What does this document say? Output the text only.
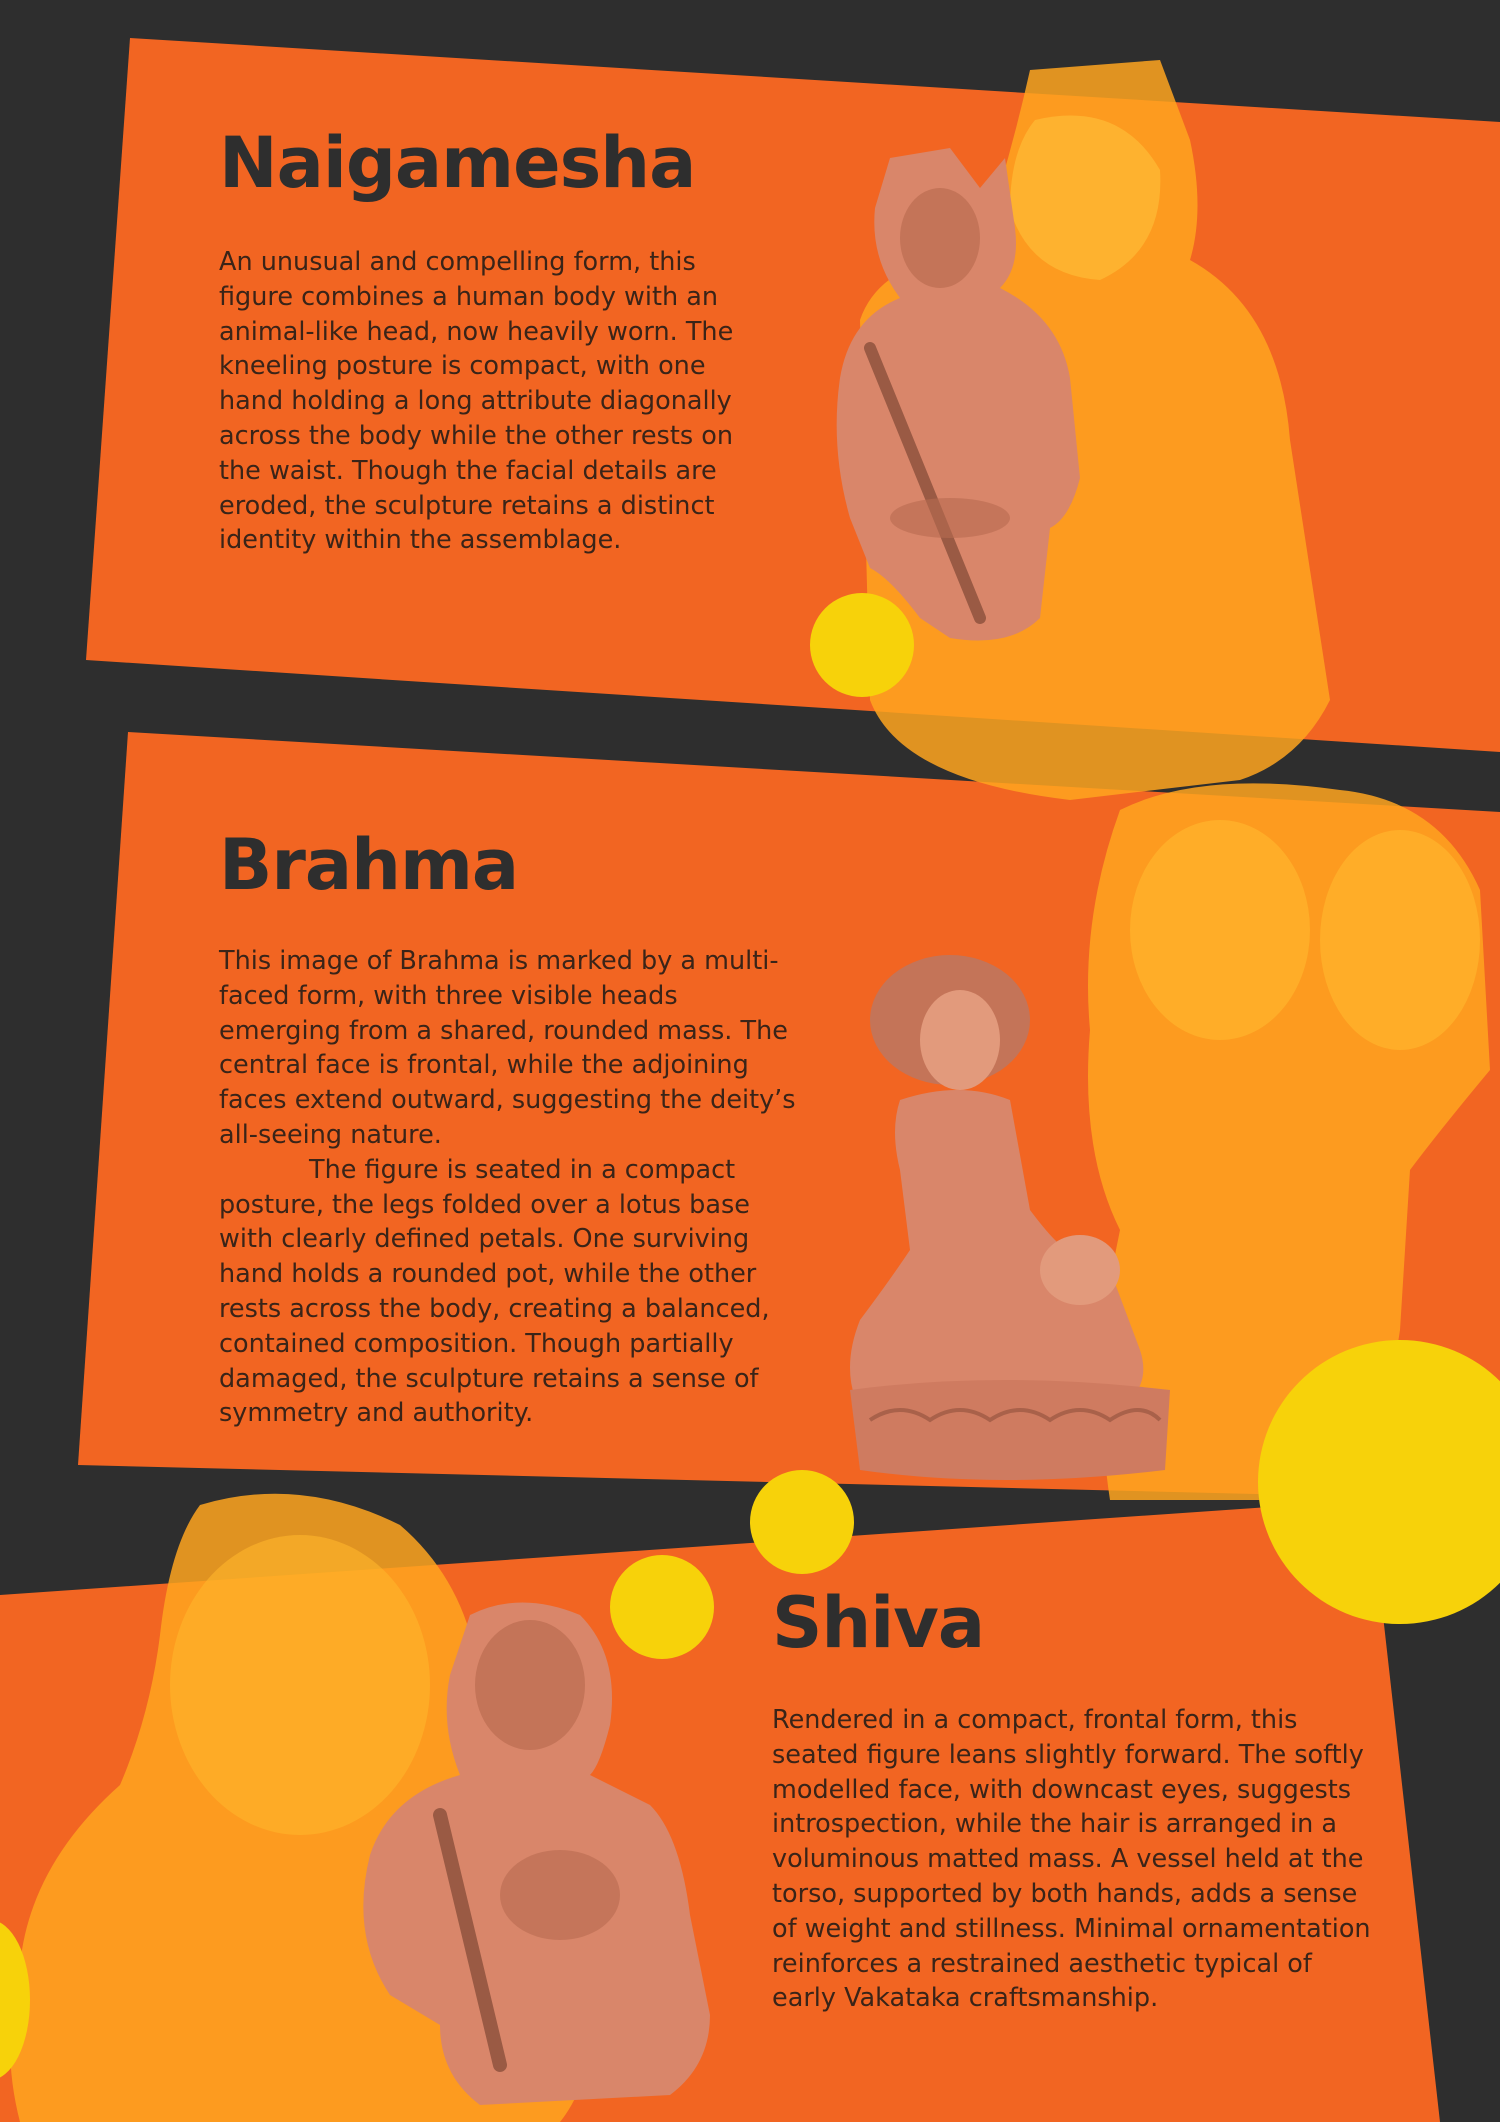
Naigamesha

An unusual and compelling form, this figure combines a human body with an animal-like head, now heavily worn. The kneeling posture is compact, with one hand holding a long attribute diagonally across the body while the other rests on the waist. Though the facial details are eroded, the sculpture retains a distinct identity within the assemblage.

Brahma
This image of Brahma is marked by a multi-faced form, with three visible heads emerging from a shared, rounded mass. The central face is frontal, while the adjoining faces extend outward, suggesting the deity’s all-seeing nature.
The figure is seated in a compact posture, the legs folded over a lotus base with clearly defined petals. One surviving hand holds a rounded pot, while the other rests across the body, creating a balanced, contained composition. Though partially damaged, the sculpture retains a sense of symmetry and authority.
Shiva

Rendered in a compact, frontal form, this seated figure leans slightly forward. The softly modelled face, with downcast eyes, suggests introspection, while the hair is arranged in a voluminous matted mass. A vessel held at the torso, supported by both hands, adds a sense of weight and stillness. Minimal ornamentation reinforces a restrained aesthetic typical of early Vakataka craftsmanship.
